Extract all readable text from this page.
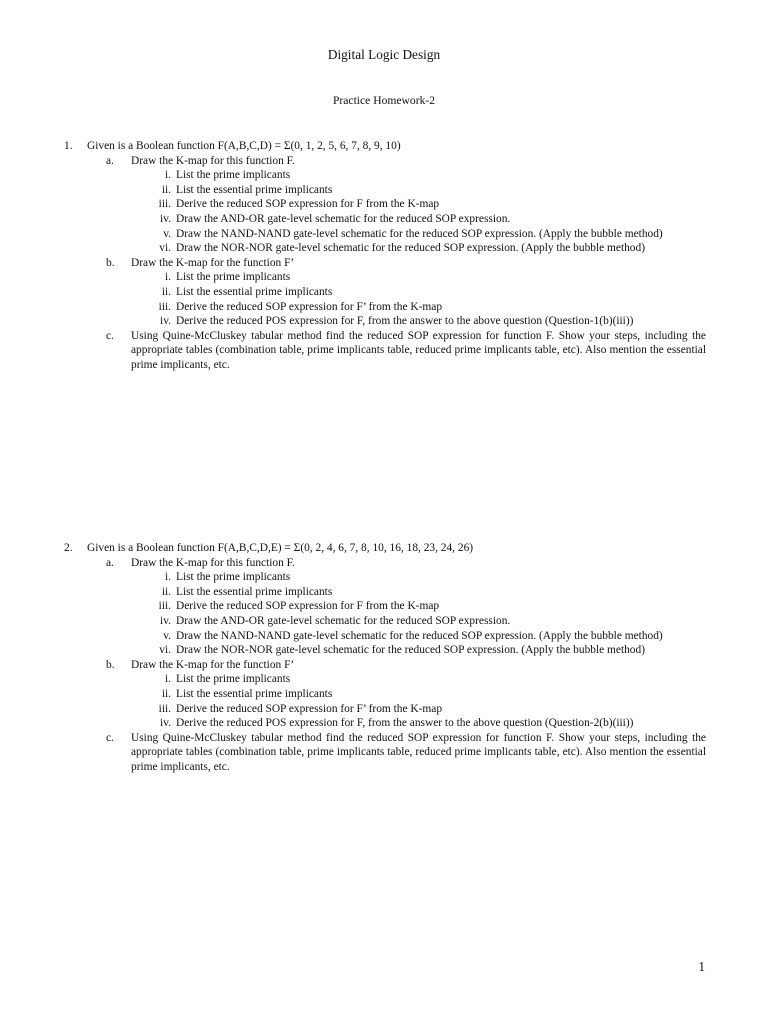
Digital Logic Design
Practice Homework-2
1. Given is a Boolean function F(A,B,C,D) = Σ(0, 1, 2, 5, 6, 7, 8, 9, 10)
a.	Draw the K-map for this function F.
i. List the prime implicants
ii. List the essential prime implicants
iii. Derive the reduced SOP expression for F from the K-map
iv. Draw the AND-OR gate-level schematic for the reduced SOP expression.
v. Draw the NAND-NAND gate-level schematic for the reduced SOP expression. (Apply the bubble method)
vi. Draw the NOR-NOR gate-level schematic for the reduced SOP expression. (Apply the bubble method)
b.	Draw the K-map for the function F’
i. List the prime implicants
ii. List the essential prime implicants
iii. Derive the reduced SOP expression for F’ from the K-map
iv. Derive the reduced POS expression for F, from the answer to the above question (Question-1(b)(iii))
c.	Using Quine-McCluskey tabular method find the reduced SOP expression for function F. Show your steps, including the appropriate tables (combination table, prime implicants table, reduced prime implicants table, etc). Also mention the essential prime implicants, etc.
2. Given is a Boolean function F(A,B,C,D,E) = Σ(0, 2, 4, 6, 7, 8, 10, 16, 18, 23, 24, 26)
a.	Draw the K-map for this function F.
i. List the prime implicants
ii. List the essential prime implicants
iii. Derive the reduced SOP expression for F from the K-map
iv. Draw the AND-OR gate-level schematic for the reduced SOP expression.
v. Draw the NAND-NAND gate-level schematic for the reduced SOP expression. (Apply the bubble method)
vi. Draw the NOR-NOR gate-level schematic for the reduced SOP expression. (Apply the bubble method)
b.	Draw the K-map for the function F’
i. List the prime implicants
ii. List the essential prime implicants
iii. Derive the reduced SOP expression for F’ from the K-map
iv. Derive the reduced POS expression for F, from the answer to the above question (Question-2(b)(iii))
c.	Using Quine-McCluskey tabular method find the reduced SOP expression for function F. Show your steps, including the appropriate tables (combination table, prime implicants table, reduced prime implicants table, etc). Also mention the essential prime implicants, etc.
1
